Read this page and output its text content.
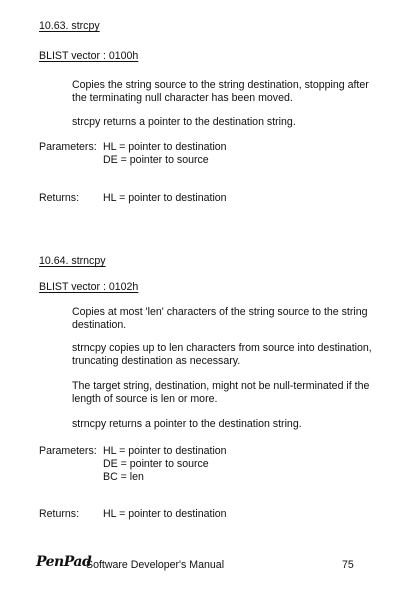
10.63. strcpy
BLIST vector : 0100h
Copies the string source to the string destination, stopping after the terminating null character has been moved.
strcpy returns a pointer to the destination string.
Parameters: HL = pointer to destination
DE = pointer to source
Returns: HL = pointer to destination
10.64. strncpy
BLIST vector : 0102h
Copies at most 'len' characters of the string source to the string destination.
strncpy copies up to len characters from source into destination, truncating destination as necessary.
The target string, destination, might not be null-terminated if the length of source is len or more.
strncpy returns a pointer to the destination string.
Parameters: HL = pointer to destination
DE = pointer to source
BC = len
Returns: HL = pointer to destination
PenPad
Software Developer's Manual	75
